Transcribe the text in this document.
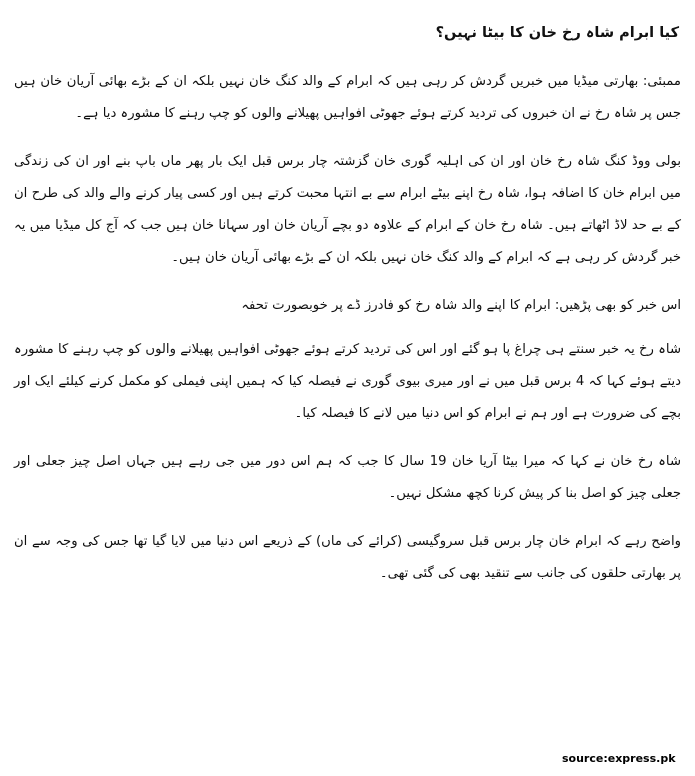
کیا ابرام شاہ رخ خان کا بیٹا نہیں؟

ممبئی: بھارتی میڈیا میں خبریں گردش کر رہی ہیں کہ ابرام کے والد کنگ خان نہیں بلکہ ان کے بڑے بھائی آریان خان ہیں جس پر شاہ رخ نے ان خبروں کی تردید کرتے ہوئے جھوٹی افواہیں پھیلانے والوں کو چپ رہنے کا مشورہ دیا ہے۔

بولی ووڈ کنگ شاہ رخ خان اور ان کی اہلیہ گوری خان گزشتہ چار برس قبل ایک بار پھر ماں باپ بنے اور ان کی زندگی میں ابرام خان کا اضافہ ہوا، شاہ رخ اپنے بیٹے ابرام سے بے انتہا محبت کرتے ہیں اور کسی پیار کرنے والے والد کی طرح ان کے بے حد لاڈ اٹھاتے ہیں۔ شاہ رخ خان کے ابرام کے علاوہ دو بچے آریان خان اور سہانا خان ہیں جب کہ آج کل میڈیا میں یہ خبر گردش کر رہی ہے کہ ابرام کے والد کنگ خان نہیں بلکہ ان کے بڑے بھائی آریان خان ہیں۔

اس خبر کو بھی پڑھیں: ابرام کا اپنے والد شاہ رخ کو فادرز ڈے پر خوبصورت تحفہ

شاہ رخ یہ خبر سنتے ہی چراغ پا ہو گئے اور اس کی تردید کرتے ہوئے جھوٹی افواہیں پھیلانے والوں کو چپ رہنے کا مشورہ دیتے ہوئے کہا کہ 4 برس قبل میں نے اور میری بیوی گوری نے فیصلہ کیا کہ ہمیں اپنی فیملی کو مکمل کرنے کیلئے ایک اور بچے کی ضرورت ہے اور ہم نے ابرام کو اس دنیا میں لانے کا فیصلہ کیا۔

شاہ رخ خان نے کہا کہ میرا بیٹا آریا خان 19 سال کا جب کہ ہم اس دور میں جی رہے ہیں جہاں اصل چیز جعلی اور جعلی چیز کو اصل بنا کر پیش کرنا کچھ مشکل نہیں۔

واضح رہے کہ ابرام خان چار برس قبل سروگیسی (کرائے کی ماں) کے ذریعے اس دنیا میں لایا گیا تھا جس کی وجہ سے ان پر بھارتی حلقوں کی جانب سے تنقید بھی کی گئی تھی۔

source:express.pk
